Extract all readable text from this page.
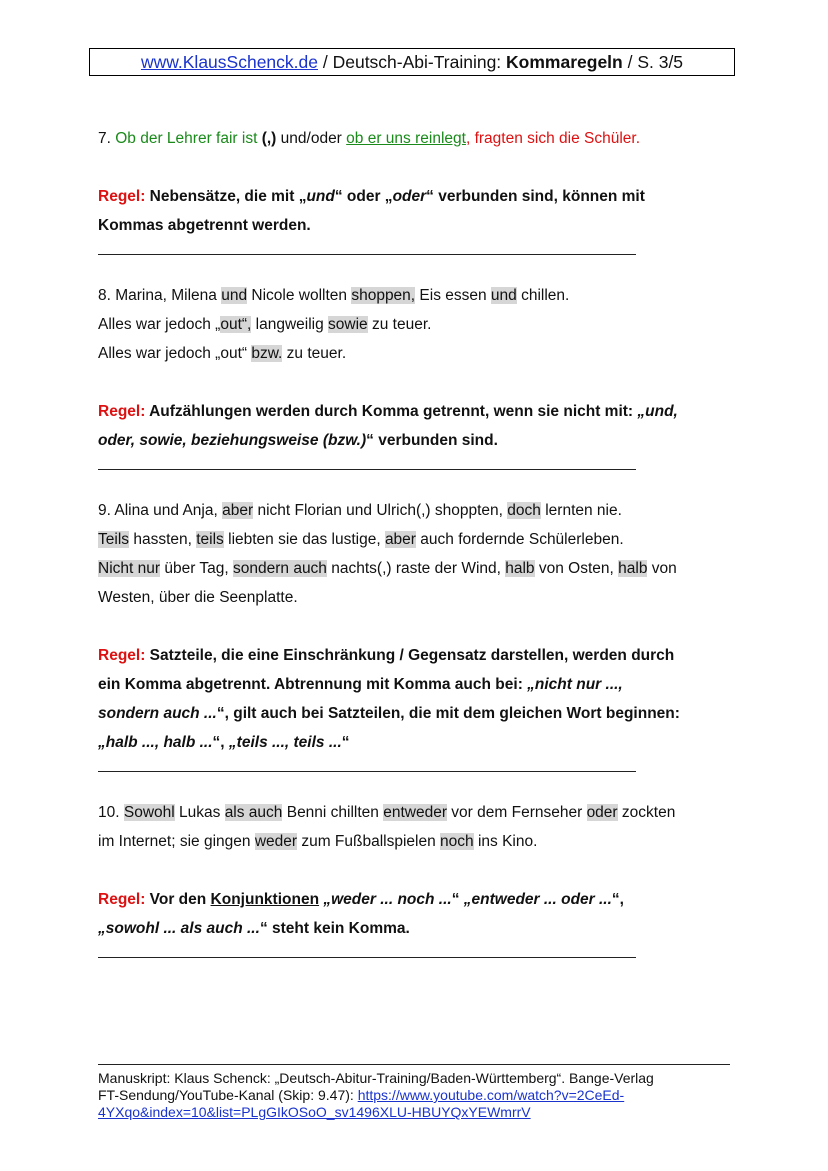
www.KlausSchenck.de / Deutsch-Abi-Training: Kommaregeln / S. 3/5
7. Ob der Lehrer fair ist (,) und/oder ob er uns reinlegt, fragten sich die Schüler.
Regel: Nebensätze, die mit „und“ oder „oder“ verbunden sind, können mit
Kommas abgetrennt werden.
8. Marina, Milena und Nicole wollten shoppen, Eis essen und chillen.
Alles war jedoch „out“, langweilig sowie zu teuer.
Alles war jedoch „out“ bzw. zu teuer.
Regel: Aufzählungen werden durch Komma getrennt, wenn sie nicht mit: „und,
oder, sowie, beziehungsweise (bzw.)“ verbunden sind.
9. Alina und Anja, aber nicht Florian und Ulrich(,) shoppten, doch lernten nie.
Teils hassten, teils liebten sie das lustige, aber auch fordernde Schülerleben.
Nicht nur über Tag, sondern auch nachts(,) raste der Wind, halb von Osten, halb von
Westen, über die Seenplatte.
Regel: Satzteile, die eine Einschränkung / Gegensatz darstellen, werden durch
ein Komma abgetrennt. Abtrennung mit Komma auch bei: „nicht nur ...,
sondern auch ...“, gilt auch bei Satzteilen, die mit dem gleichen Wort beginnen:
„halb ..., halb ...“, „teils ..., teils ...“
10. Sowohl Lukas als auch Benni chillten entweder vor dem Fernseher oder zockten
im Internet; sie gingen weder zum Fußballspielen noch ins Kino.
Regel: Vor den Konjunktionen „weder ... noch ...“ „entweder ... oder ...“,
„sowohl ... als auch ...“ steht kein Komma.
Manuskript: Klaus Schenck: „Deutsch-Abitur-Training/Baden-Württemberg“. Bange-Verlag
FT-Sendung/YouTube-Kanal (Skip: 9.47): https://www.youtube.com/watch?v=2CeEd-
4YXqo&index=10&list=PLgGIkOSoO_sv1496XLU-HBUYQxYEWmrrV
